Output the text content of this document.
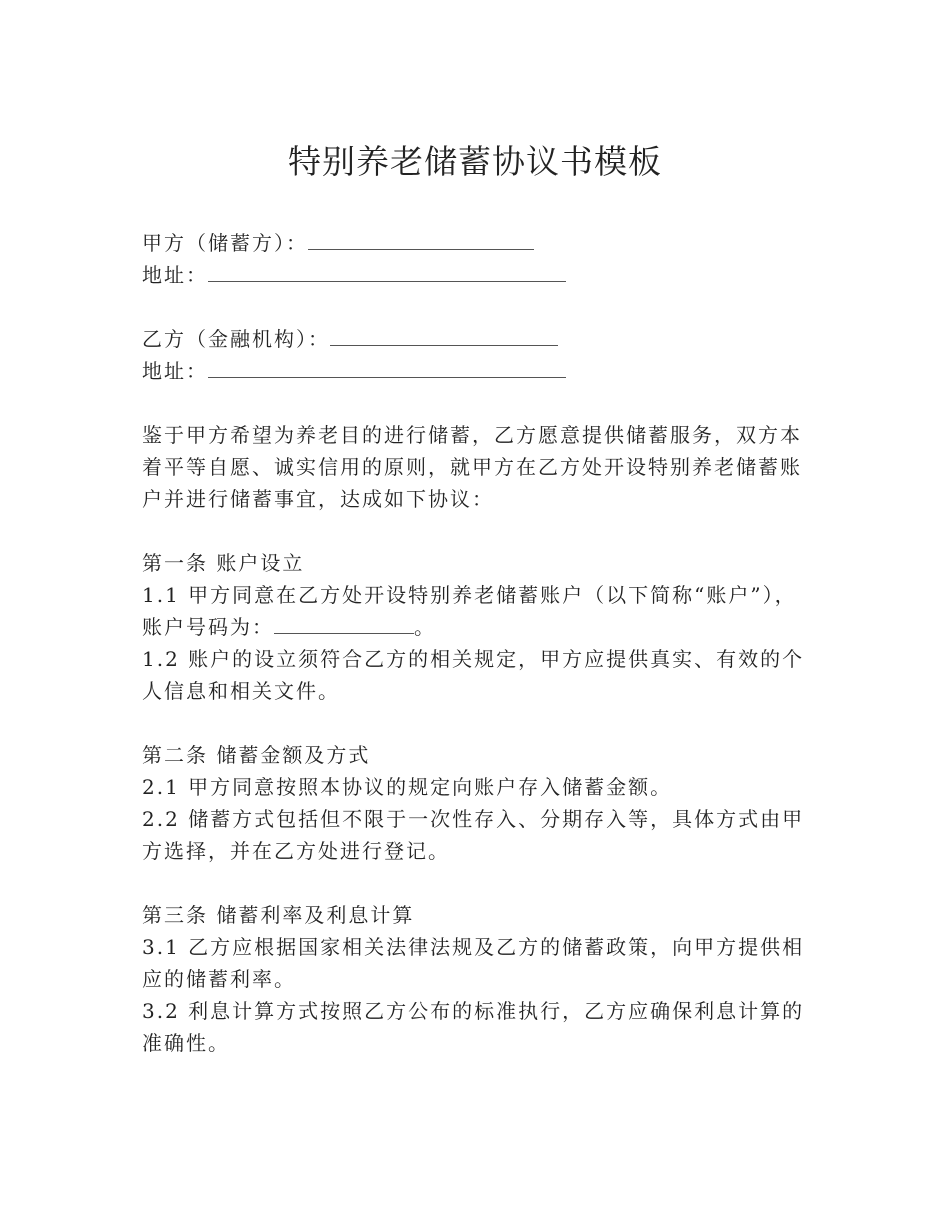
特别养老储蓄协议书模板
甲方（储蓄方）：
地址：
乙方（金融机构）：
地址：
鉴于甲方希望为养老目的进行储蓄，乙方愿意提供储蓄服务，双方本
着平等自愿、诚实信用的原则，就甲方在乙方处开设特别养老储蓄账
户并进行储蓄事宜，达成如下协议：
第一条 账户设立
1.1 甲方同意在乙方处开设特别养老储蓄账户（以下简称“账户”），
账户号码为：	。
1.2 账户的设立须符合乙方的相关规定，甲方应提供真实、有效的个
人信息和相关文件。
第二条 储蓄金额及方式
2.1 甲方同意按照本协议的规定向账户存入储蓄金额。
2.2 储蓄方式包括但不限于一次性存入、分期存入等，具体方式由甲
方选择，并在乙方处进行登记。
第三条 储蓄利率及利息计算
3.1 乙方应根据国家相关法律法规及乙方的储蓄政策，向甲方提供相
应的储蓄利率。
3.2 利息计算方式按照乙方公布的标准执行，乙方应确保利息计算的
准确性。
